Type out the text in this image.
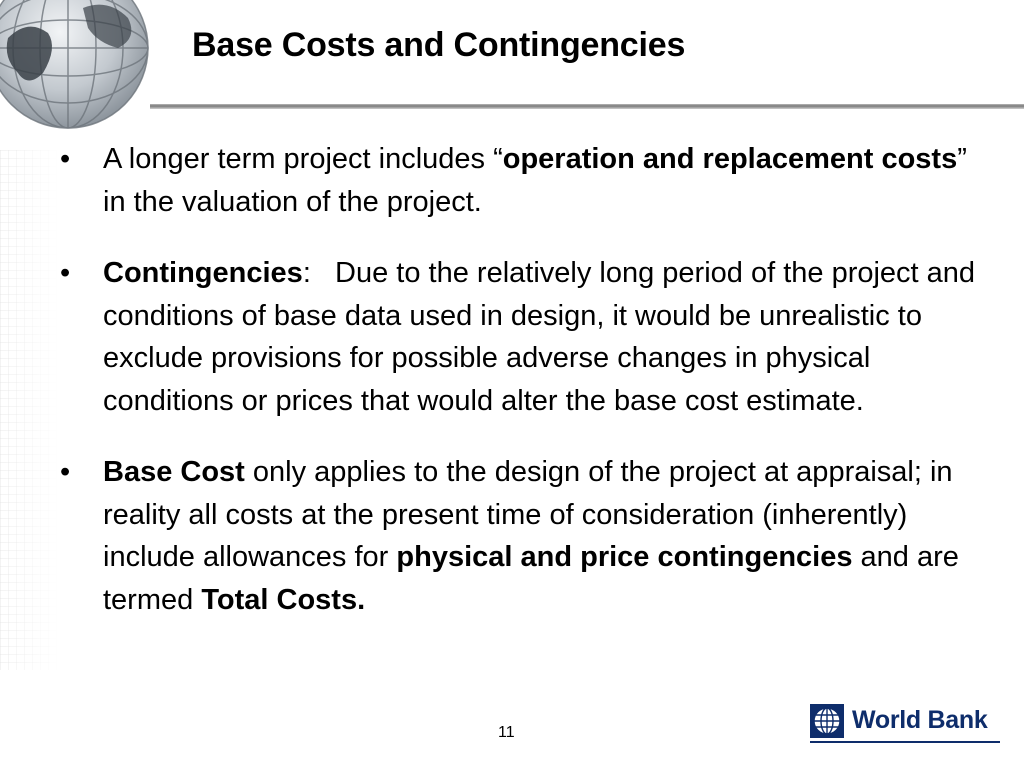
Base Costs and Contingencies
•	A longer term project includes “operation and replacement costs” in the valuation of the project.
•	Contingencies:   Due to the relatively long period of the project and conditions of base data used in design, it would be unrealistic to exclude provisions for possible adverse changes in physical conditions or prices that would alter the base cost estimate.
•	Base Cost only applies to the design of the project at appraisal; in reality all costs at the present time of consideration (inherently) include allowances for physical and price contingencies and are termed Total Costs.
11	World Bank
